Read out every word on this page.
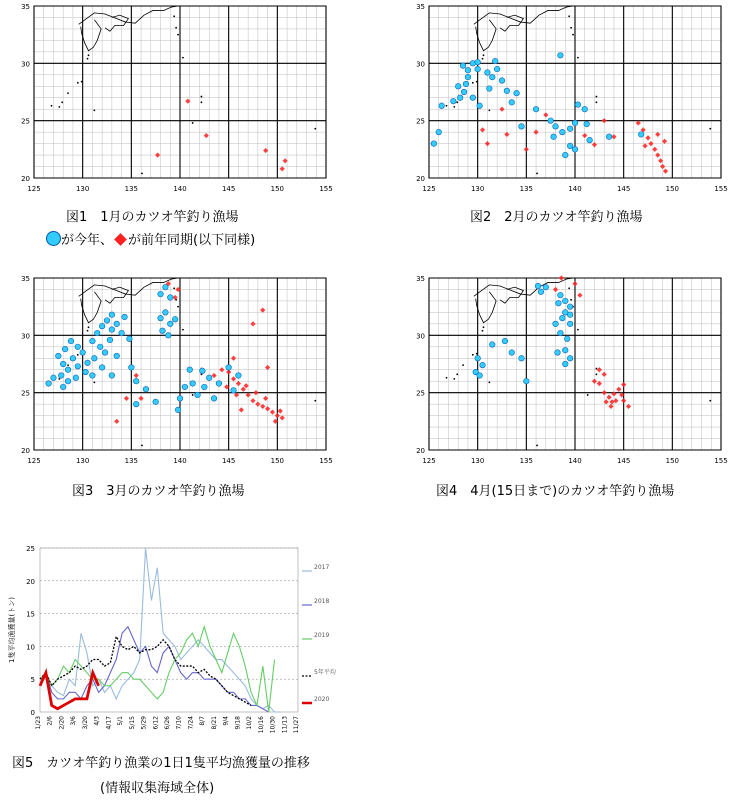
125	130	135	140	145	150	155
35
30
25
20
125	130	135	140	145	150	155
35
30
25
20
125	130	135	140	145	150	155
35
30
25
20
125	130	135	140	145	150	155
35
30
25
20
図1　1月のカツオ竿釣り漁場
が今年、 が前年同期(以下同様)
図2　2月のカツオ竿釣り漁場
図3　3月のカツオ竿釣り漁場	図4　4月(15日まで)のカツオ竿釣り漁場
0
5
10
15
20
25
1隻平均漁獲量(トン)
1/23 2/6 2/20 3/6 3/20 4/3 4/17 5/1 5/15 5/29 6/12 6/26 7/10 7/24 8/7 8/21 9/4 9/18 10/2 10/16 10/30 11/13 11/27
2017
2018
2019
5年平均
2020
図5　カツオ竿釣り漁業の1日1隻平均漁獲量の推移
(情報収集海域全体)
